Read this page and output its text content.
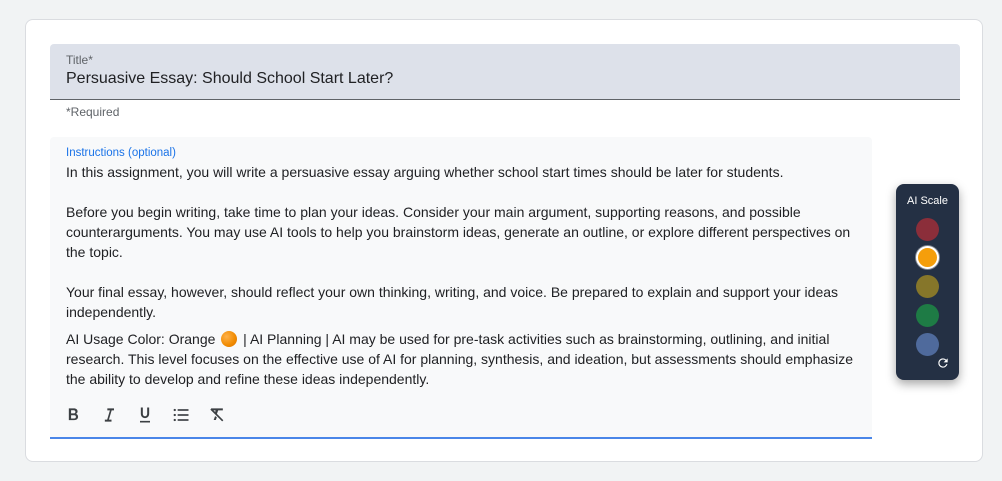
Title*
Persuasive Essay: Should School Start Later?
*Required
Instructions (optional)

In this assignment, you will write a persuasive essay arguing whether school start times should be later for students.

Before you begin writing, take time to plan your ideas. Consider your main argument, supporting reasons, and possible counterarguments. You may use AI tools to help you brainstorm ideas, generate an outline, or explore different perspectives on the topic.

Your final essay, however, should reflect your own thinking, writing, and voice. Be prepared to explain and support your ideas independently.

AI Usage Color: Orange  | AI Planning | AI may be used for pre-task activities such as brainstorming, outlining, and initial research. This level focuses on the effective use of AI for planning, synthesis, and ideation, but assessments should emphasize the ability to develop and refine these ideas independently.

AI Scale
